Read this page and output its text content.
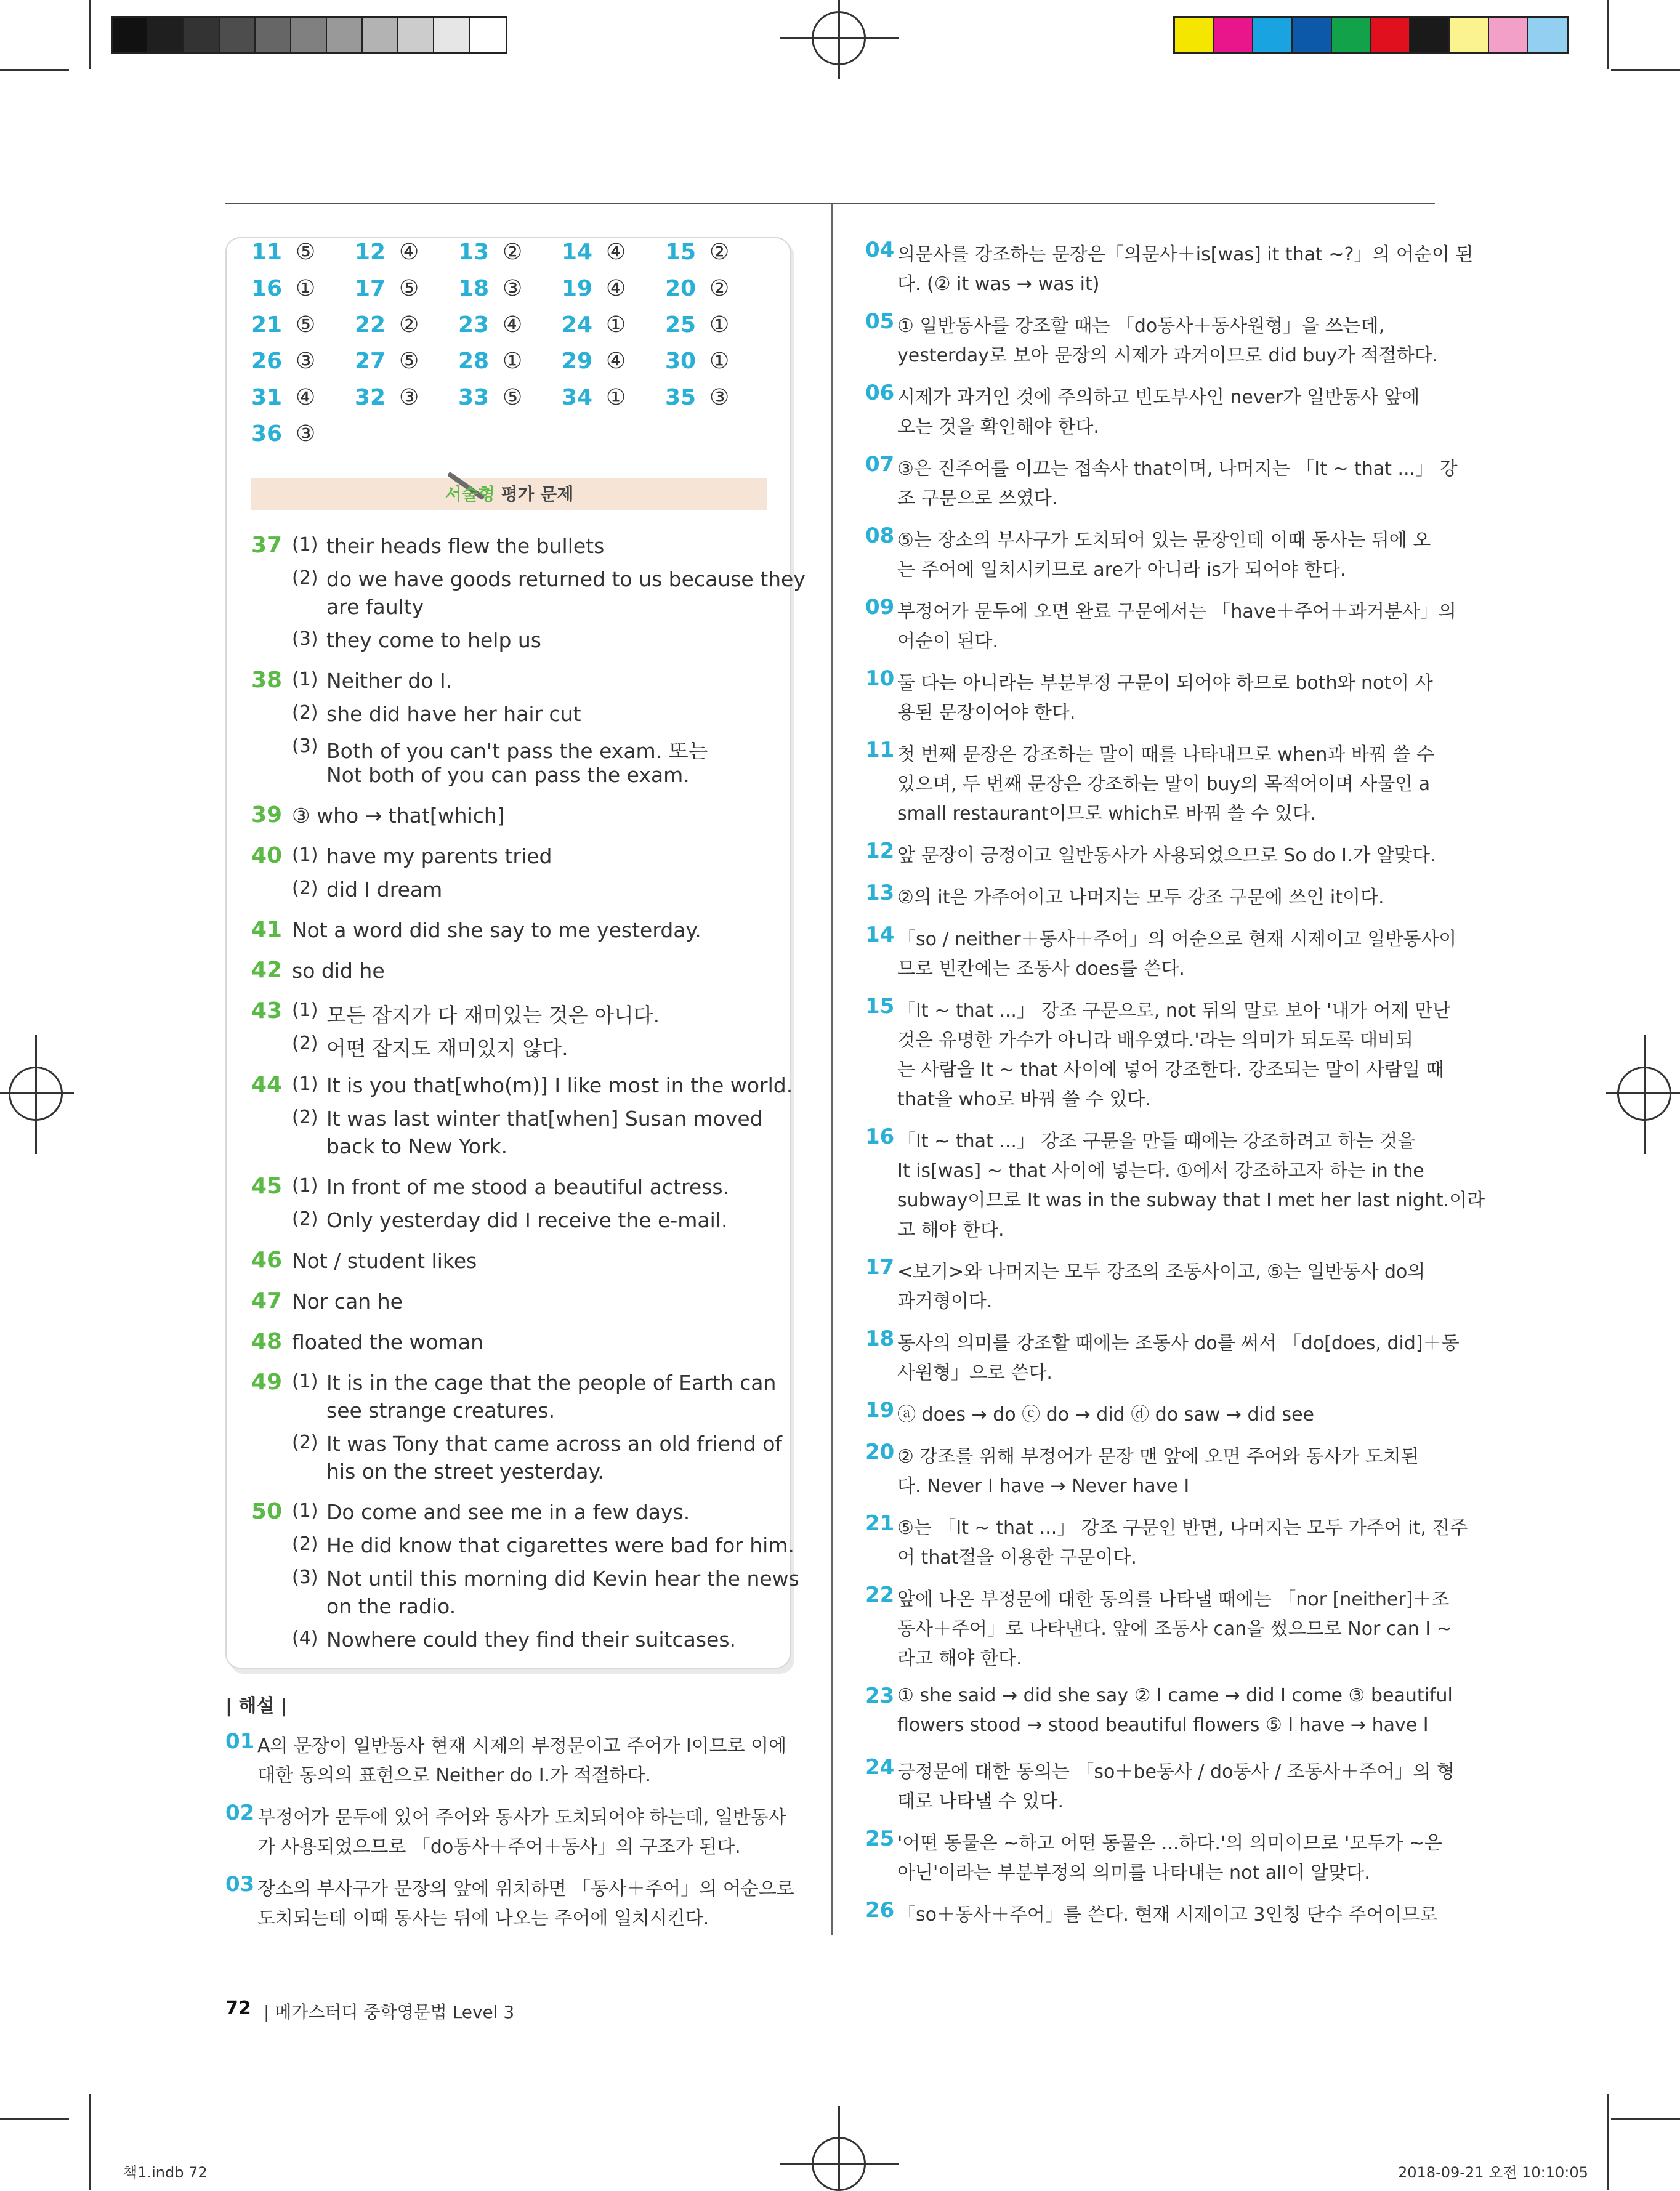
11 ⑤ 12 ④ 13 ② 14 ④ 15 ②
16 ① 17 ⑤ 18 ③ 19 ④ 20 ②
21 ⑤ 22 ② 23 ④ 24 ① 25 ①
26 ③ 27 ⑤ 28 ① 29 ④ 30 ①
31 ④ 32 ③ 33 ⑤ 34 ① 35 ③
36 ③
서술형 평가 문제
37 (1) their heads flew the bullets
(2) do we have goods returned to us because they
are faulty
(3) they come to help us
38 (1) Neither do I.
(2) she did have her hair cut
(3) Both of you can't pass the exam. 또는
Not both of you can pass the exam.
39 ③ who → that[which]
40 (1) have my parents tried
(2) did I dream
41 Not a word did she say to me yesterday.
42 so did he
43 (1) 모든 잡지가 다 재미있는 것은 아니다.
(2) 어떤 잡지도 재미있지 않다.
44 (1) It is you that[who(m)] I like most in the world.
(2) It was last winter that[when] Susan moved
back to New York.
45 (1) In front of me stood a beautiful actress.
(2) Only yesterday did I receive the e-mail.
46 Not / student likes
47 Nor can he
48 floated the woman
49 (1) It is in the cage that the people of Earth can
see strange creatures.
(2) It was Tony that came across an old friend of
his on the street yesterday.
50 (1) Do come and see me in a few days.
(2) He did know that cigarettes were bad for him.
(3) Not until this morning did Kevin hear the news
on the radio.
(4) Nowhere could they find their suitcases.
| 해설 |
01 A의 문장이 일반동사 현재 시제의 부정문이고 주어가 I이므로 이에
대한 동의의 표현으로 Neither do I.가 적절하다.
02 부정어가 문두에 있어 주어와 동사가 도치되어야 하는데, 일반동사
가 사용되었으므로 「do동사＋주어＋동사」의 구조가 된다.
03 장소의 부사구가 문장의 앞에 위치하면 「동사＋주어」의 어순으로
도치되는데 이때 동사는 뒤에 나오는 주어에 일치시킨다.
04 의문사를 강조하는 문장은「의문사＋is[was] it that ~?」의 어순이 된
다. (② it was → was it)
05 ① 일반동사를 강조할 때는 「do동사＋동사원형」을 쓰는데,
yesterday로 보아 문장의 시제가 과거이므로 did buy가 적절하다.
06 시제가 과거인 것에 주의하고 빈도부사인 never가 일반동사 앞에
오는 것을 확인해야 한다.
07 ③은 진주어를 이끄는 접속사 that이며, 나머지는 「It ~ that ...」 강
조 구문으로 쓰였다.
08 ⑤는 장소의 부사구가 도치되어 있는 문장인데 이때 동사는 뒤에 오
는 주어에 일치시키므로 are가 아니라 is가 되어야 한다.
09 부정어가 문두에 오면 완료 구문에서는 「have＋주어＋과거분사」의
어순이 된다.
10 둘 다는 아니라는 부분부정 구문이 되어야 하므로 both와 not이 사
용된 문장이어야 한다.
11 첫 번째 문장은 강조하는 말이 때를 나타내므로 when과 바꿔 쓸 수
있으며, 두 번째 문장은 강조하는 말이 buy의 목적어이며 사물인 a
small restaurant이므로 which로 바꿔 쓸 수 있다.
12 앞 문장이 긍정이고 일반동사가 사용되었으므로 So do I.가 알맞다.
13 ②의 it은 가주어이고 나머지는 모두 강조 구문에 쓰인 it이다.
14 「so / neither＋동사＋주어」의 어순으로 현재 시제이고 일반동사이
므로 빈칸에는 조동사 does를 쓴다.
15 「It ~ that ...」 강조 구문으로, not 뒤의 말로 보아 '내가 어제 만난
것은 유명한 가수가 아니라 배우였다.'라는 의미가 되도록 대비되
는 사람을 It ~ that 사이에 넣어 강조한다. 강조되는 말이 사람일 때
that을 who로 바꿔 쓸 수 있다.
16 「It ~ that ...」 강조 구문을 만들 때에는 강조하려고 하는 것을
It is[was] ~ that 사이에 넣는다. ①에서 강조하고자 하는 in the
subway이므로 It was in the subway that I met her last night.이라
고 해야 한다.
17 <보기>와 나머지는 모두 강조의 조동사이고, ⑤는 일반동사 do의
과거형이다.
18 동사의 의미를 강조할 때에는 조동사 do를 써서 「do[does, did]＋동
사원형」으로 쓴다.
19 ⓐ does → do ⓒ do → did ⓓ do saw → did see
20 ② 강조를 위해 부정어가 문장 맨 앞에 오면 주어와 동사가 도치된
다. Never I have → Never have I
21 ⑤는 「It ~ that ...」 강조 구문인 반면, 나머지는 모두 가주어 it, 진주
어 that절을 이용한 구문이다.
22 앞에 나온 부정문에 대한 동의를 나타낼 때에는 「nor [neither]＋조
동사＋주어」로 나타낸다. 앞에 조동사 can을 썼으므로 Nor can I ~
라고 해야 한다.
23 ① she said → did she say ② I came → did I come ③ beautiful
flowers stood → stood beautiful flowers ⑤ I have → have I
24 긍정문에 대한 동의는 「so＋be동사 / do동사 / 조동사＋주어」의 형
태로 나타낼 수 있다.
25 '어떤 동물은 ~하고 어떤 동물은 ...하다.'의 의미이므로 '모두가 ~은
아닌'이라는 부분부정의 의미를 나타내는 not all이 알맞다.
26 「so＋동사＋주어」를 쓴다. 현재 시제이고 3인칭 단수 주어이므로
72 | 메가스터디 중학영문법 Level 3
책1.indb 72	2018-09-21 오전 10:10:05
